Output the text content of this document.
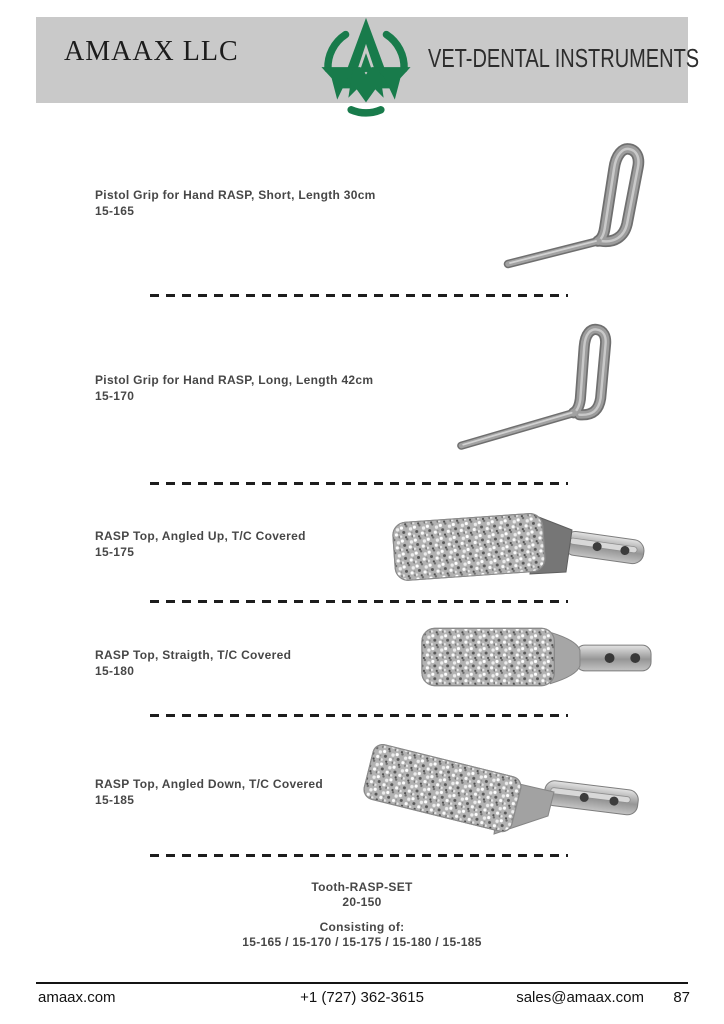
AMAAX LLC	VET-DENTAL INSTRUMENTS
Pistol Grip for Hand RASP, Short, Length 30cm
15-165
Pistol Grip for Hand RASP, Long, Length 42cm
15-170
RASP Top, Angled Up, T/C Covered
15-175
RASP Top, Straigth, T/C Covered
15-180
RASP Top, Angled Down, T/C Covered
15-185
Tooth-RASP-SET
20-150
Consisting of:
15-165 / 15-170 / 15-175 / 15-180 / 15-185
amaax.com	+1 (727) 362-3615	sales@amaax.com 87
